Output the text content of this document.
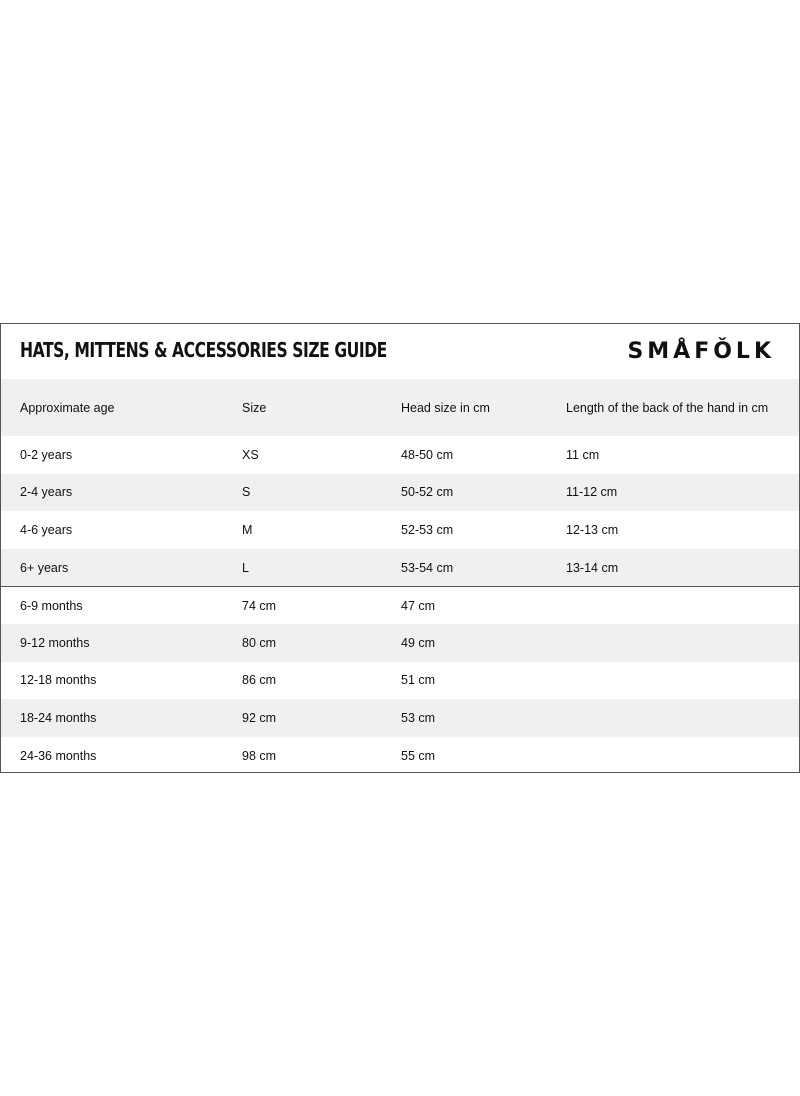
HATS, MITTENS & ACCESSORIES SIZE GUIDE	SMÅFǑLK
Approximate age	Size	Head size in cm	Length of the back of the hand in cm
0-2 years	XS	48-50 cm	11 cm
2-4 years	S	50-52 cm	11-12 cm
4-6 years	M	52-53 cm	12-13 cm
6+ years	L	53-54 cm	13-14 cm
6-9 months	74 cm	47 cm
9-12 months	80 cm	49 cm
12-18 months	86 cm	51 cm
18-24 months	92 cm	53 cm
24-36 months	98 cm	55 cm
